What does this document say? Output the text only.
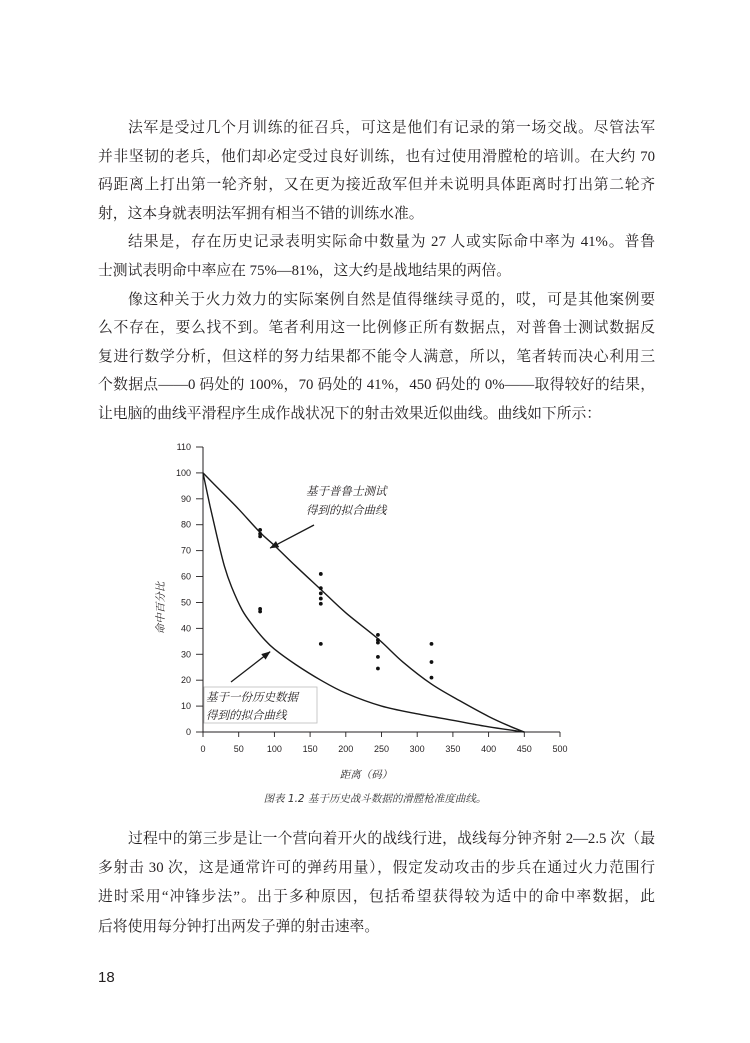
法军是受过几个月训练的征召兵，可这是他们有记录的第一场交战。尽管法军
并非坚韧的老兵，他们却必定受过良好训练，也有过使用滑膛枪的培训。在大约 70
码距离上打出第一轮齐射，又在更为接近敌军但并未说明具体距离时打出第二轮齐
射，这本身就表明法军拥有相当不错的训练水准。
结果是，存在历史记录表明实际命中数量为 27 人或实际命中率为 41%。普鲁
士测试表明命中率应在 75%—81%，这大约是战地结果的两倍。
像这种关于火力效力的实际案例自然是值得继续寻觅的，哎，可是其他案例要
么不存在，要么找不到。笔者利用这一比例修正所有数据点，对普鲁士测试数据反
复进行数学分析，但这样的努力结果都不能令人满意，所以，笔者转而决心利用三
个数据点——0 码处的 100%，70 码处的 41%，450 码处的 0%——取得较好的结果，
让电脑的曲线平滑程序生成作战状况下的射击效果近似曲线。曲线如下所示：
0
10
20
30
40
50
60
70
80
90
100
110
0	50	100 150 200 250 300 350 400 450 500
基于普鲁士测试
得到的拟合曲线
基于一份历史数据
得到的拟合曲线
命中百分比
距离（码）
图表 1.2 基于历史战斗数据的滑膛枪准度曲线。
过程中的第三步是让一个营向着开火的战线行进，战线每分钟齐射 2—2.5 次（最
多射击 30 次，这是通常许可的弹药用量），假定发动攻击的步兵在通过火力范围行
进时采用“冲锋步法”。出于多种原因，包括希望获得较为适中的命中率数据，此
后将使用每分钟打出两发子弹的射击速率。
18
